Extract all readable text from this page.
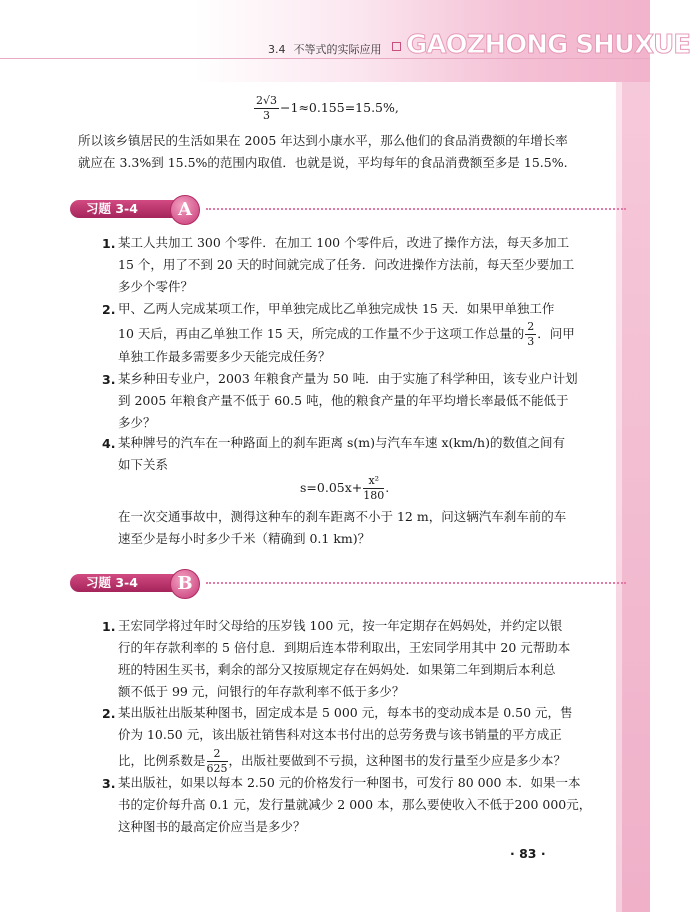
3.4 不等式的实际应用 GAOZHONG SHUXUE
$\frac{2√3}{3} -1\approx 0.155=15.5\%$,
所以该乡镇居民的生活如果在 2005 年达到小康水平，那么他们的食品消费额的年增长率
就应在 3.3%到 15.5%的范围内取值．也就是说，平均每年的食品消费额至多是 15.5%.
习题 3-4	A
1. 某工人共加工 300 个零件．在加工 100 个零件后，改进了操作方法，每天多加工
15 个，用了不到 20 天的时间就完成了任务．问改进操作方法前，每天至少要加工
多少个零件？
2. 甲、乙两人完成某项工作，甲单独完成比乙单独完成快 15 天．如果甲单独工作
10 天后，再由乙单独工作 15 天，所完成的工作量不少于这项工作总量的 $\frac{2}{3}$ ．问甲
单独工作最多需要多少天能完成任务？
3. 某乡种田专业户，2003 年粮食产量为 50 吨．由于实施了科学种田，该专业户计划
到 2005 年粮食产量不低于 60.5 吨，他的粮食产量的年平均增长率最低不能低于
多少？
4. 某种牌号的汽车在一种路面上的刹车距离 s(m)与汽车车速 x(km/h)的数值之间有
如下关系
$s=0.05x+ \frac{\text{x²}}{180}$ .
在一次交通事故中，测得这种车的刹车距离不小于 12 m，问这辆汽车刹车前的车
速至少是每小时多少千米（精确到 0.1 km)？
习题 3-4	B
1. 王宏同学将过年时父母给的压岁钱 100 元，按一年定期存在妈妈处，并约定以银
行的年存款利率的 5 倍付息．到期后连本带利取出，王宏同学用其中 20 元帮助本
班的特困生买书，剩余的部分又按原规定存在妈妈处．如果第二年到期后本利总
额不低于 99 元，问银行的年存款利率不低于多少？
2. 某出版社出版某种图书，固定成本是 5 000 元，每本书的变动成本是 0.50 元，售
价为 10.50 元，该出版社销售科对这本书付出的总劳务费与该书销量的平方成正
比，比例系数是 $\frac{2}{625}$ ，出版社要做到不亏损，这种图书的发行量至少应是多少本？
3. 某出版社，如果以每本 2.50 元的价格发行一种图书，可发行 80 000 本．如果一本
书的定价每升高 0.1 元，发行量就减少 2 000 本，那么要使收入不低于200 000元，
这种图书的最高定价应当是多少？
· 83 ·
